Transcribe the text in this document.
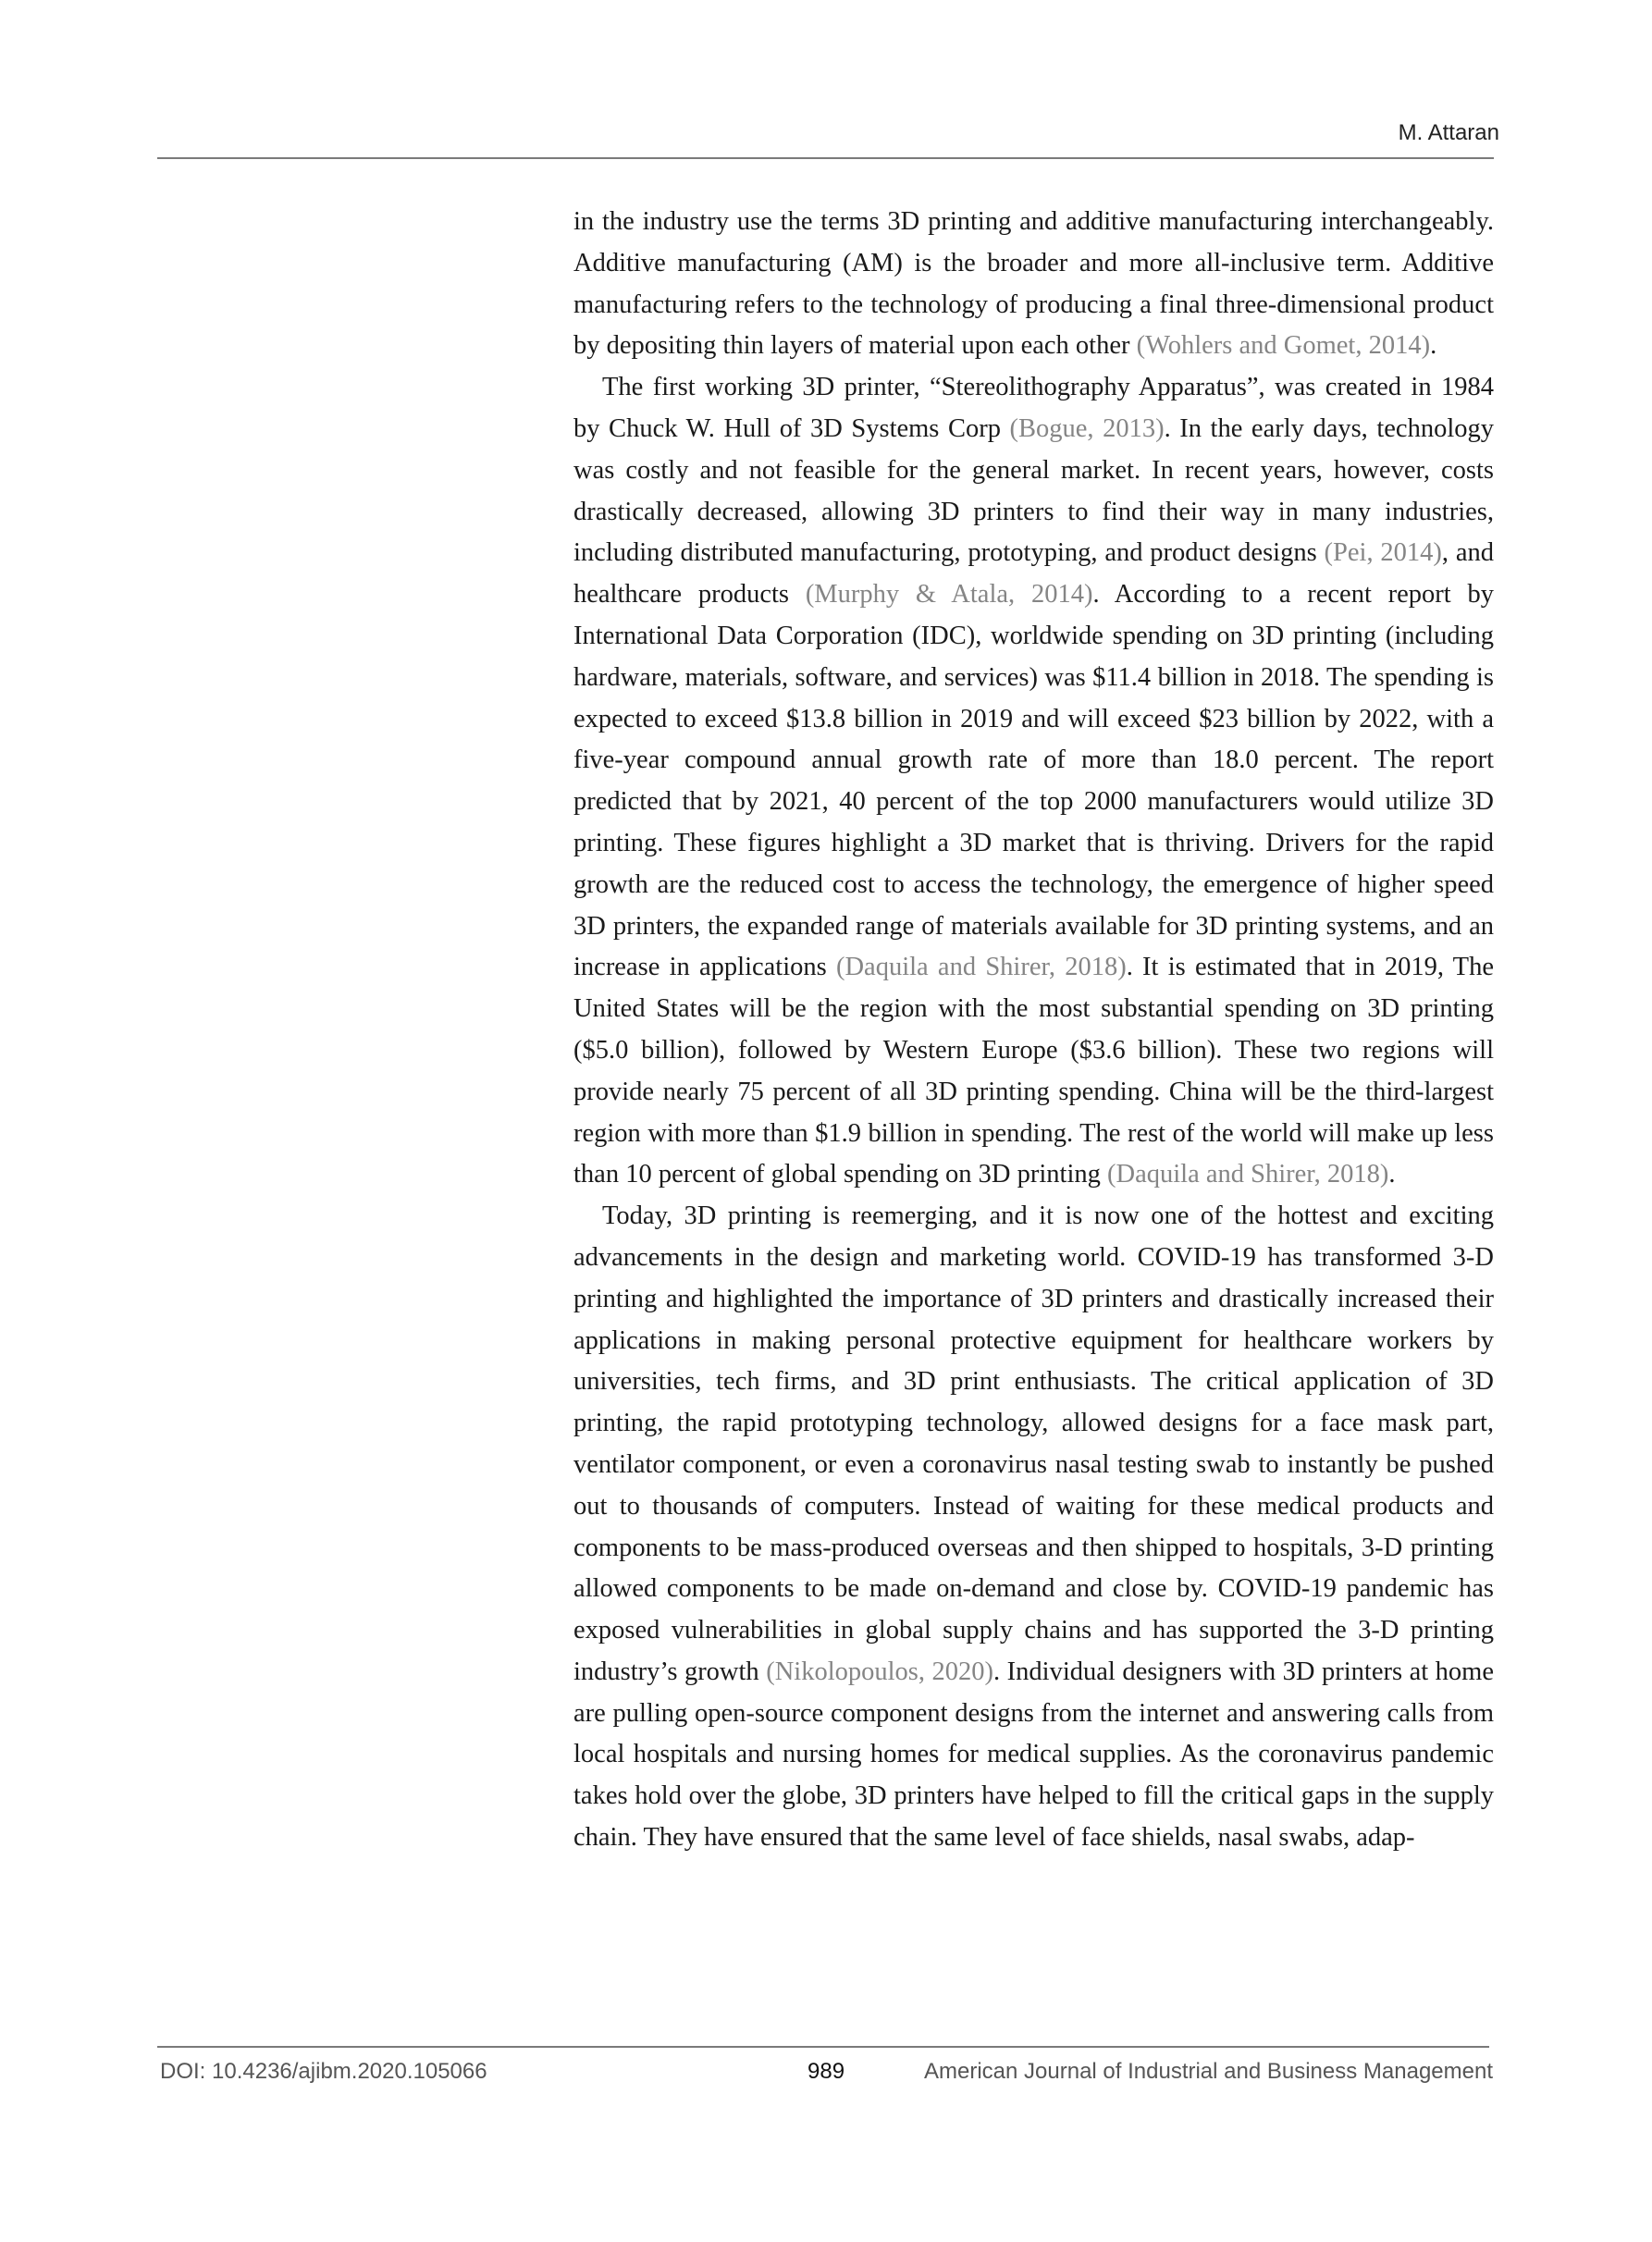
M. Attaran

in the industry use the terms 3D printing and additive manufacturing interchangeably. Additive manufacturing (AM) is the broader and more all-inclusive term. Additive manufacturing refers to the technology of producing a final three-dimensional product by depositing thin layers of material upon each other (Wohlers and Gomet, 2014).

The first working 3D printer, “Stereolithography Apparatus”, was created in 1984 by Chuck W. Hull of 3D Systems Corp (Bogue, 2013). In the early days, technology was costly and not feasible for the general market. In recent years, however, costs drastically decreased, allowing 3D printers to find their way in many industries, including distributed manufacturing, prototyping, and product designs (Pei, 2014), and healthcare products (Murphy & Atala, 2014). According to a recent report by International Data Corporation (IDC), worldwide spending on 3D printing (including hardware, materials, software, and services) was $11.4 billion in 2018. The spending is expected to exceed $13.8 billion in 2019 and will exceed $23 billion by 2022, with a five-year compound annual growth rate of more than 18.0 percent. The report predicted that by 2021, 40 percent of the top 2000 manufacturers would utilize 3D printing. These figures highlight a 3D market that is thriving. Drivers for the rapid growth are the reduced cost to access the technology, the emergence of higher speed 3D printers, the expanded range of materials available for 3D printing systems, and an increase in applications (Daquila and Shirer, 2018). It is estimated that in 2019, The United States will be the region with the most substantial spending on 3D printing ($5.0 billion), followed by Western Europe ($3.6 billion). These two regions will provide nearly 75 percent of all 3D printing spending. China will be the third-largest region with more than $1.9 billion in spending. The rest of the world will make up less than 10 percent of global spending on 3D printing (Daquila and Shirer, 2018).

Today, 3D printing is reemerging, and it is now one of the hottest and exciting advancements in the design and marketing world. COVID-19 has transformed 3-D printing and highlighted the importance of 3D printers and drastically increased their applications in making personal protective equipment for healthcare workers by universities, tech firms, and 3D print enthusiasts. The critical application of 3D printing, the rapid prototyping technology, allowed designs for a face mask part, ventilator component, or even a coronavirus nasal testing swab to instantly be pushed out to thousands of computers. Instead of waiting for these medical products and components to be mass-produced overseas and then shipped to hospitals, 3-D printing allowed components to be made on-demand and close by. COVID-19 pandemic has exposed vulnerabilities in global supply chains and has supported the 3-D printing industry’s growth (Nikolopoulos, 2020). Individual designers with 3D printers at home are pulling open-source component designs from the internet and answering calls from local hospitals and nursing homes for medical supplies. As the coronavirus pandemic takes hold over the globe, 3D printers have helped to fill the critical gaps in the supply chain. They have ensured that the same level of face shields, nasal swabs, adap-

DOI: 10.4236/ajibm.2020.105066	989	American Journal of Industrial and Business Management
